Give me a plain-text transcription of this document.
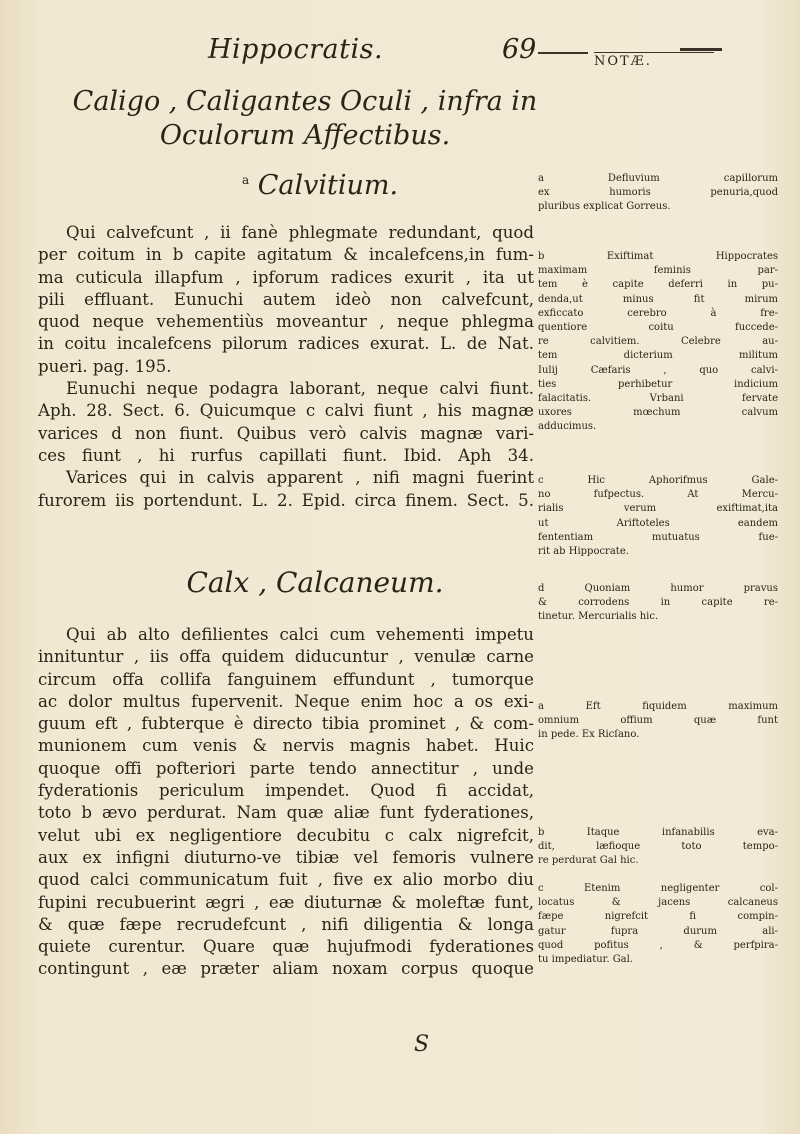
Hippocratis.	69	NOTÆ.
Caligo , Caligantes Oculi , infra in
Oculorum Affectibus.
$^a$ Calvitium.
Qui calvefcunt , ii fanè phlegmate redundant, quod
per coitum in b capite agitatum & incalefcens,in fum-
ma cuticula illapfum , ipforum radices exurit , ita ut
pili effluant. Eunuchi autem ideò non calvefcunt,
quod neque vehementiùs moveantur , neque phlegma
in coitu incalefcens pilorum radices exurat. L. de Nat.
pueri. pag. 195.
Eunuchi neque podagra laborant, neque calvi fiunt.
Aph. 28. Sect. 6. Quicumque c calvi fiunt , his magnæ
varices d non fiunt. Quibus verò calvis magnæ vari-
ces fiunt , hi rurfus capillati fiunt. Ibid. Aph 34.
Varices qui in calvis apparent , nifi magni fuerint
furorem iis portendunt. L. 2. Epid. circa finem. Sect. 5.
Calx , Calcaneum.
Qui ab alto defilientes calci cum vehementi impetu
innituntur , iis offa quidem diducuntur , venulæ carne
circum offa collifa fanguinem effundunt , tumorque
ac dolor multus fupervenit. Neque enim hoc a os exi-
guum eft , fubterque è directo tibia prominet , & com-
munionem cum venis & nervis magnis habet. Huic
quoque offi pofteriori parte tendo annectitur , unde
fyderationis periculum impendet. Quod fi accidat,
toto b ævo perdurat. Nam quæ aliæ funt fyderationes,
velut ubi ex negligentiore decubitu c calx nigrefcit,
aux ex infigni diuturno-ve tibiæ vel femoris vulnere
quod calci communicatum fuit , five ex alio morbo diu
fupini recubuerint ægri , eæ diuturnæ & moleftæ funt,
& quæ fæpe recrudefcunt , nifi diligentia & longa
quiete curentur. Quare quæ hujufmodi fyderationes
contingunt , eæ præter aliam noxam corpus quoque
a Defluvium capillorum
ex humoris penuria,quod
pluribus explicat Gorreus.
b Exiftimat Hippocrates
maximam feminis par-
tem è capite deferri in pu-
denda,ut minus fit mirum
exficcato cerebro à fre-
quentiore coitu fuccede-
re calvitiem. Celebre au-
tem dicterium militum
Iulij Cæfaris , quo calvi-
ties perhibetur indicium
falacitatis. Vrbani fervate
uxores mœchum calvum
adducimus.
c Hic Aphorifmus Gale-
no fufpectus. At Mercu-
rialis verum exiftimat,ita
ut Ariftoteles eandem
fententiam mutuatus fue-
rit ab Hippocrate.
d Quoniam humor pravus
& corrodens in capite re-
tinetur. Mercurialis hic.
a Eft fiquidem maximum
omnium offium quæ funt
in pede. Ex Ricſano.
b Itaque infanabilis eva-
dit, læfioque toto tempo-
re perdurat Gal hic.
c Etenim negligenter col-
locatus & jacens calcaneus
fæpe nigrefcit fi compin-
gatur fupra durum ali-
quod pofitus , & perfpira-
tu impediatur. Gal.
S
